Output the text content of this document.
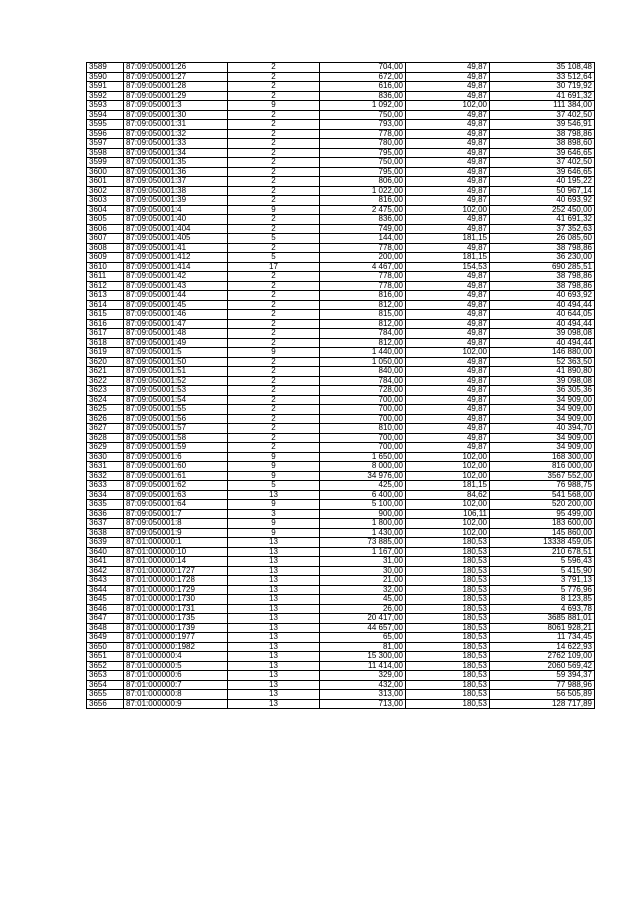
3589	87:09:050001:26	2	704,00	49,87	35 108,48
3590	87:09:050001:27	2	672,00	49,87	33 512,64
3591	87:09:050001:28	2	616,00	49,87	30 719,92
3592	87:09:050001:29	2	836,00	49,87	41 691,32
3593	87:09:050001:3	9	1 092,00	102,00	111 384,00
3594	87:09:050001:30	2	750,00	49,87	37 402,50
3595	87:09:050001:31	2	793,00	49,87	39 546,91
3596	87:09:050001:32	2	778,00	49,87	38 798,86
3597	87:09:050001:33	2	780,00	49,87	38 898,60
3598	87:09:050001:34	2	795,00	49,87	39 646,65
3599	87:09:050001:35	2	750,00	49,87	37 402,50
3600	87:09:050001:36	2	795,00	49,87	39 646,65
3601	87:09:050001:37	2	806,00	49,87	40 195,22
3602	87:09:050001:38	2	1 022,00	49,87	50 967,14
3603	87:09:050001:39	2	816,00	49,87	40 693,92
3604	87:09:050001:4	9	2 475,00	102,00	252 450,00
3605	87:09:050001:40	2	836,00	49,87	41 691,32
3606	87:09:050001:404	2	749,00	49,87	37 352,63
3607	87:09:050001:405	5	144,00	181,15	26 085,60
3608	87:09:050001:41	2	778,00	49,87	38 798,86
3609	87:09:050001:412	5	200,00	181,15	36 230,00
3610	87:09:050001:414	17	4 467,00	154,53	690 285,51
3611	87:09:050001:42	2	778,00	49,87	38 798,86
3612	87:09:050001:43	2	778,00	49,87	38 798,86
3613	87:09:050001:44	2	816,00	49,87	40 693,92
3614	87:09:050001:45	2	812,00	49,87	40 494,44
3615	87:09:050001:46	2	815,00	49,87	40 644,05
3616	87:09:050001:47	2	812,00	49,87	40 494,44
3617	87:09:050001:48	2	784,00	49,87	39 098,08
3618	87:09:050001:49	2	812,00	49,87	40 494,44
3619	87:09:050001:5	9	1 440,00	102,00	146 880,00
3620	87:09:050001:50	2	1 050,00	49,87	52 363,50
3621	87:09:050001:51	2	840,00	49,87	41 890,80
3622	87:09:050001:52	2	784,00	49,87	39 098,08
3623	87:09:050001:53	2	728,00	49,87	36 305,36
3624	87:09:050001:54	2	700,00	49,87	34 909,00
3625	87:09:050001:55	2	700,00	49,87	34 909,00
3626	87:09:050001:56	2	700,00	49,87	34 909,00
3627	87:09:050001:57	2	810,00	49,87	40 394,70
3628	87:09:050001:58	2	700,00	49,87	34 909,00
3629	87:09:050001:59	2	700,00	49,87	34 909,00
3630	87:09:050001:6	9	1 650,00	102,00	168 300,00
3631	87:09:050001:60	9	8 000,00	102,00	816 000,00
3632	87:09:050001:61	9	34 976,00	102,00	3567 552,00
3633	87:09:050001:62	5	425,00	181,15	76 988,75
3634	87:09:050001:63	13	6 400,00	84,62	541 568,00
3635	87:09:050001:64	9	5 100,00	102,00	520 200,00
3636	87:09:050001:7	3	900,00	106,11	95 499,00
3637	87:09:050001:8	9	1 800,00	102,00	183 600,00
3638	87:09:050001:9	9	1 430,00	102,00	145 860,00
3639	87:01:000000:1	13	73 885,00	180,53	13338 459,05
3640	87:01:000000:10	13	1 167,00	180,53	210 678,51
3641	87:01:000000:14	13	31,00	180,53	5 596,43
3642	87:01:000000:1727	13	30,00	180,53	5 415,90
3643	87:01:000000:1728	13	21,00	180,53	3 791,13
3644	87:01:000000:1729	13	32,00	180,53	5 776,96
3645	87:01:000000:1730	13	45,00	180,53	8 123,85
3646	87:01:000000:1731	13	26,00	180,53	4 693,78
3647	87:01:000000:1735	13	20 417,00	180,53	3685 881,01
3648	87:01:000000:1739	13	44 657,00	180,53	8061 928,21
3649	87:01:000000:1977	13	65,00	180,53	11 734,45
3650	87:01:000000:1982	13	81,00	180,53	14 622,93
3651	87:01:000000:4	13	15 300,00	180,53	2762 109,00
3652	87:01:000000:5	13	11 414,00	180,53	2060 569,42
3653	87:01:000000:6	13	329,00	180,53	59 394,37
3654	87:01:000000:7	13	432,00	180,53	77 988,96
3655	87:01:000000:8	13	313,00	180,53	56 505,89
3656	87:01:000000:9	13	713,00	180,53	128 717,89
